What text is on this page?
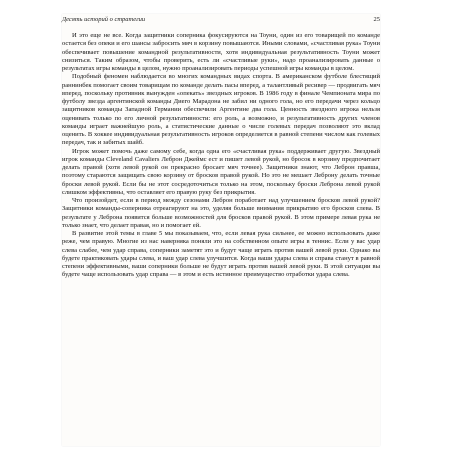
Десять историй о стратегии	25

И это еще не все. Когда защитники соперника фокусируются на Тоуни, один из его товарищей по команде остается без опеки и его шансы забросить мяч в корзину повышаются. Иными словами, «счастливая рука» Тоуни обеспечивает повышение командной результативности, хотя индивидуальная результативность Тоуни может снизиться. Таким образом, чтобы проверить, есть ли «счастливые руки», надо проанализировать данные о результатах игры команды в целом, нужно проанализировать периоды успешной игры команды в целом.

Подобный феномен наблюдается во многих командных видах спорта. В американском футболе блестящий раннинбек помогает своим товарищам по команде делать пасы вперед, а талантливый ресивер — продвигать мяч вперед, поскольку противник вынужден «опекать» звездных игроков. В 1986 году в финале Чемпионата мира по футболу звезда аргентинской команды Диего Марадона не забил ни одного гола, но его передачи через кольцо защитников команды Западной Германии обеспечили Аргентине два гола. Ценность звездного игрока нельзя оценивать только по его личной результативности: его роль, а возможно, и результативность других членов команды играет важнейшую роль, а статистические данные о числе голевых передач позволяют это вклад оценить. В хоккее индивидуальная результативность игроков определяется в равной степени числом как голевых передач, так и забитых шайб.

Игрок может помочь даже самому себе, когда одна его «счастливая рука» поддерживает другую. Звездный игрок команды Cleveland Cavaliers Леброн Джеймс ест и пишет левой рукой, но бросок в корзину предпочитает делать правой (хотя левой рукой он прекрасно бросает мяч точнее). Защитники знают, что Леброн правша, поэтому стараются защищать свою корзину от бросков правой рукой. Но это не мешает Леброну делать точные броски левой рукой. Если бы не этот сосредоточиться только на этом, поскольку броски Леброна левой рукой слишком эффективны, что оставляет его правую руку без прикрытия.

Что произойдет, если в период между сезонами Леброн поработает над улучшением бросков левой рукой? Защитники команды-соперника отреагируют на это, уделяя больше внимания прикрытию его бросков слева. В результате у Леброна появится больше возможностей для бросков правой рукой. В этом примере левая рука не только знает, что делает правая, но и помогает ей.

В развитие этой темы в главе 5 мы показываем, что, если левая рука сильнее, ее можно использовать даже реже, чем правую. Многие из нас наверняка поняли это на собственном опыте игры в теннис. Если у вас удар слева слабее, чем удар справа, соперники заметят это и будут чаще играть против вашей левой руки. Однако вы будете практиковать удары слева, и ваш удар слева улучшится. Когда ваши удары слева и справа станут в равной степени эффективными, ваши соперники больше не будут играть против вашей левой руки. В этой ситуации вы будете чаще использовать удар справа — в этом и есть истинное преимущество отработки удара слева.
